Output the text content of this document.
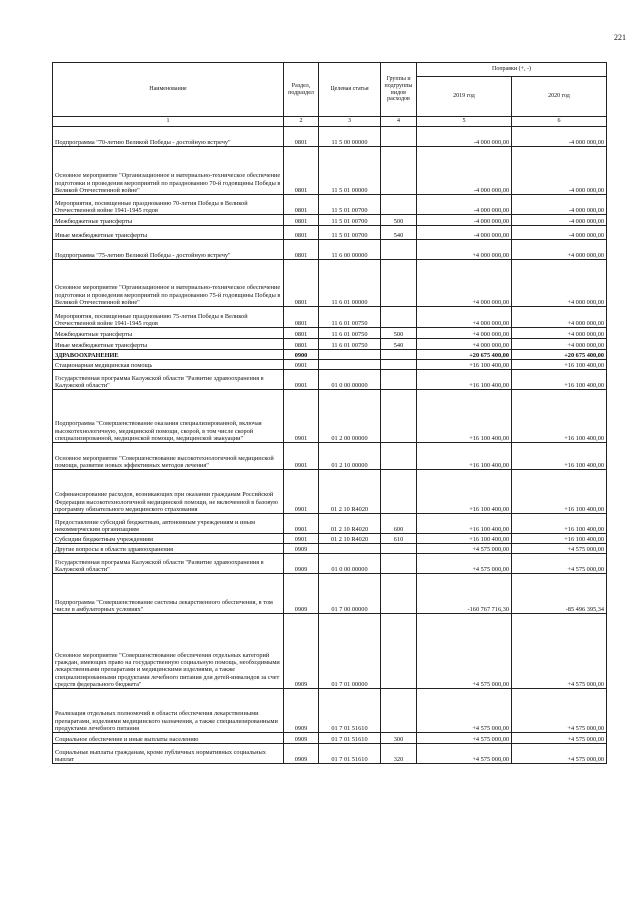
221
Наименование	Раздел, подраздел	Целевая статья	Группы и подгруппы видов расходов	Поправки (+, -)	
				2019 год	2020 год
1	2	3	4	5	6
Подпрограмма "70-летию Великой Победы - достойную встречу"	0801	11 5 00 00000		-4 000 000,00	-4 000 000,00
Основное мероприятие "Организационное и материально-техническое обеспечение подготовки и проведения мероприятий по празднованию 70-й годовщины Победы в Великой Отечественной войне"	0801	11 5 01 00000		-4 000 000,00	-4 000 000,00
Мероприятия, посвященные празднованию 70-летия Победы в Великой Отечественной войне 1941-1945 годов	0801	11 5 01 00700		-4 000 000,00	-4 000 000,00
Межбюджетные трансферты	0801	11 5 01 00700	500	-4 000 000,00	-4 000 000,00
Иные межбюджетные трансферты	0801	11 5 01 00700	540	-4 000 000,00	-4 000 000,00
Подпрограмма "75-летию Великой Победы - достойную встречу"	0801	11 6 00 00000		+4 000 000,00	+4 000 000,00
Основное мероприятие "Организационное и материально-техническое обеспечение подготовки и проведения мероприятий по празднованию 75-й годовщины Победы в Великой Отечественной войне"	0801	11 6 01 00000		+4 000 000,00	+4 000 000,00
Мероприятия, посвященные празднованию 75-летия Победы в Великой Отечественной войне 1941-1945 годов	0801	11 6 01 00750		+4 000 000,00	+4 000 000,00
Межбюджетные трансферты	0801	11 6 01 00750	500	+4 000 000,00	+4 000 000,00
Иные межбюджетные трансферты	0801	11 6 01 00750	540	+4 000 000,00	+4 000 000,00
ЗДРАВООХРАНЕНИЕ	0900			+20 675 400,00	+20 675 400,00
Стационарная медицинская помощь	0901			+16 100 400,00	+16 100 400,00
Государственная программа Калужской области "Развитие здравоохранения в Калужской области"	0901	01 0 00 00000		+16 100 400,00	+16 100 400,00
Подпрограмма "Совершенствование оказания специализированной, включая высокотехнологичную, медицинской помощи, скорой, в том числе скорой специализированной, медицинской помощи, медицинской эвакуации"	0901	01 2 00 00000		+16 100 400,00	+16 100 400,00
Основное мероприятие "Совершенствование высокотехнологичной медицинской помощи, развитие новых эффективных методов лечения"	0901	01 2 10 00000		+16 100 400,00	+16 100 400,00
Софинансирование расходов, возникающих при оказании гражданам Российской Федерации высокотехнологичной медицинской помощи, не включенной в базовую программу обязательного медицинского страхования	0901	01 2 10 R4020		+16 100 400,00	+16 100 400,00
Предоставление субсидий бюджетным, автономным учреждениям и иным некоммерческим организациям	0901	01 2 10 R4020	600	+16 100 400,00	+16 100 400,00
Субсидии бюджетным учреждениям	0901	01 2 10 R4020	610	+16 100 400,00	+16 100 400,00
Другие вопросы в области здравоохранения	0909			+4 575 000,00	+4 575 000,00
Государственная программа Калужской области "Развитие здравоохранения в Калужской области"	0909	01 0 00 00000		+4 575 000,00	+4 575 000,00
Подпрограмма "Совершенствование системы лекарственного обеспечения, в том числе в амбулаторных условиях"	0909	01 7 00 00000		-160 767 716,30	-85 496 395,34
Основное мероприятие "Совершенствование обеспечения отдельных категорий граждан, имеющих право на государственную социальную помощь, необходимыми лекарственными препаратами и медицинскими изделиями, а также специализированными продуктами лечебного питания для детей-инвалидов за счет средств федерального бюджета"	0909	01 7 01 00000		+4 575 000,00	+4 575 000,00
Реализация отдельных полномочий в области обеспечения лекарственными препаратами, изделиями медицинского назначения, а также специализированными продуктами лечебного питания	0909	01 7 01 51610		+4 575 000,00	+4 575 000,00
Социальное обеспечение и иные выплаты населению	0909	01 7 01 51610	300	+4 575 000,00	+4 575 000,00
Социальные выплаты гражданам, кроме публичных нормативных социальных выплат	0909	01 7 01 51610	320	+4 575 000,00	+4 575 000,00
